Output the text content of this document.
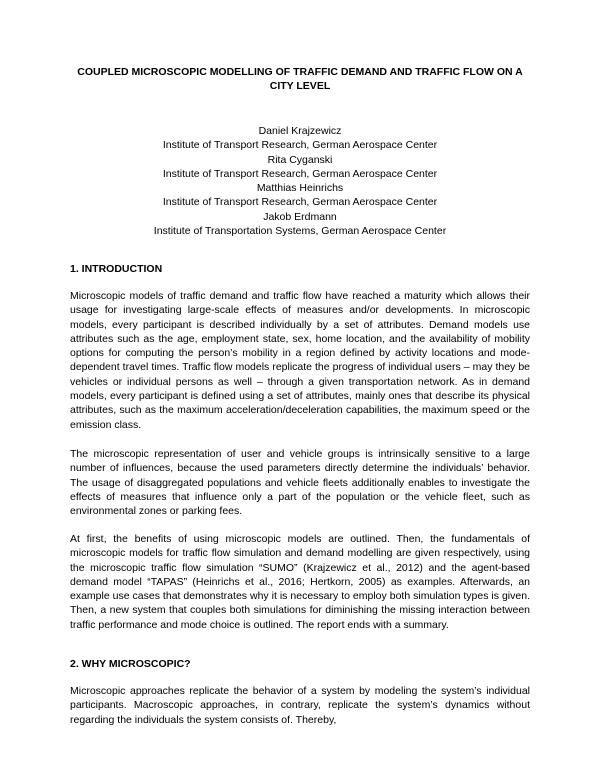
COUPLED MICROSCOPIC MODELLING OF TRAFFIC DEMAND AND TRAFFIC FLOW ON A CITY LEVEL
Daniel Krajzewicz
Institute of Transport Research, German Aerospace Center
Rita Cyganski
Institute of Transport Research, German Aerospace Center
Matthias Heinrichs
Institute of Transport Research, German Aerospace Center
Jakob Erdmann
Institute of Transportation Systems, German Aerospace Center
1. INTRODUCTION

Microscopic models of traffic demand and traffic flow have reached a maturity which allows their usage for investigating large-scale effects of measures and/or developments. In microscopic models, every participant is described individually by a set of attributes. Demand models use attributes such as the age, employment state, sex, home location, and the availability of mobility options for computing the person’s mobility in a region defined by activity locations and mode-dependent travel times. Traffic flow models replicate the progress of individual users – may they be vehicles or individual persons as well – through a given transportation network. As in demand models, every participant is defined using a set of attributes, mainly ones that describe its physical attributes, such as the maximum acceleration/deceleration capabilities, the maximum speed or the emission class.

The microscopic representation of user and vehicle groups is intrinsically sensitive to a large number of influences, because the used parameters directly determine the individuals’ behavior. The usage of disaggregated populations and vehicle fleets additionally enables to investigate the effects of measures that influence only a part of the population or the vehicle fleet, such as environmental zones or parking fees.

At first, the benefits of using microscopic models are outlined. Then, the fundamentals of microscopic models for traffic flow simulation and demand modelling are given respectively, using the microscopic traffic flow simulation “SUMO” (Krajzewicz et al., 2012) and the agent-based demand model “TAPAS” (Heinrichs et al., 2016; Hertkorn, 2005) as examples. Afterwards, an example use cases that demonstrates why it is necessary to employ both simulation types is given. Then, a new system that couples both simulations for diminishing the missing interaction between traffic performance and mode choice is outlined. The report ends with a summary.

2. WHY MICROSCOPIC?

Microscopic approaches replicate the behavior of a system by modeling the system’s individual participants. Macroscopic approaches, in contrary, replicate the system’s dynamics without regarding the individuals the system consists of. Thereby,
